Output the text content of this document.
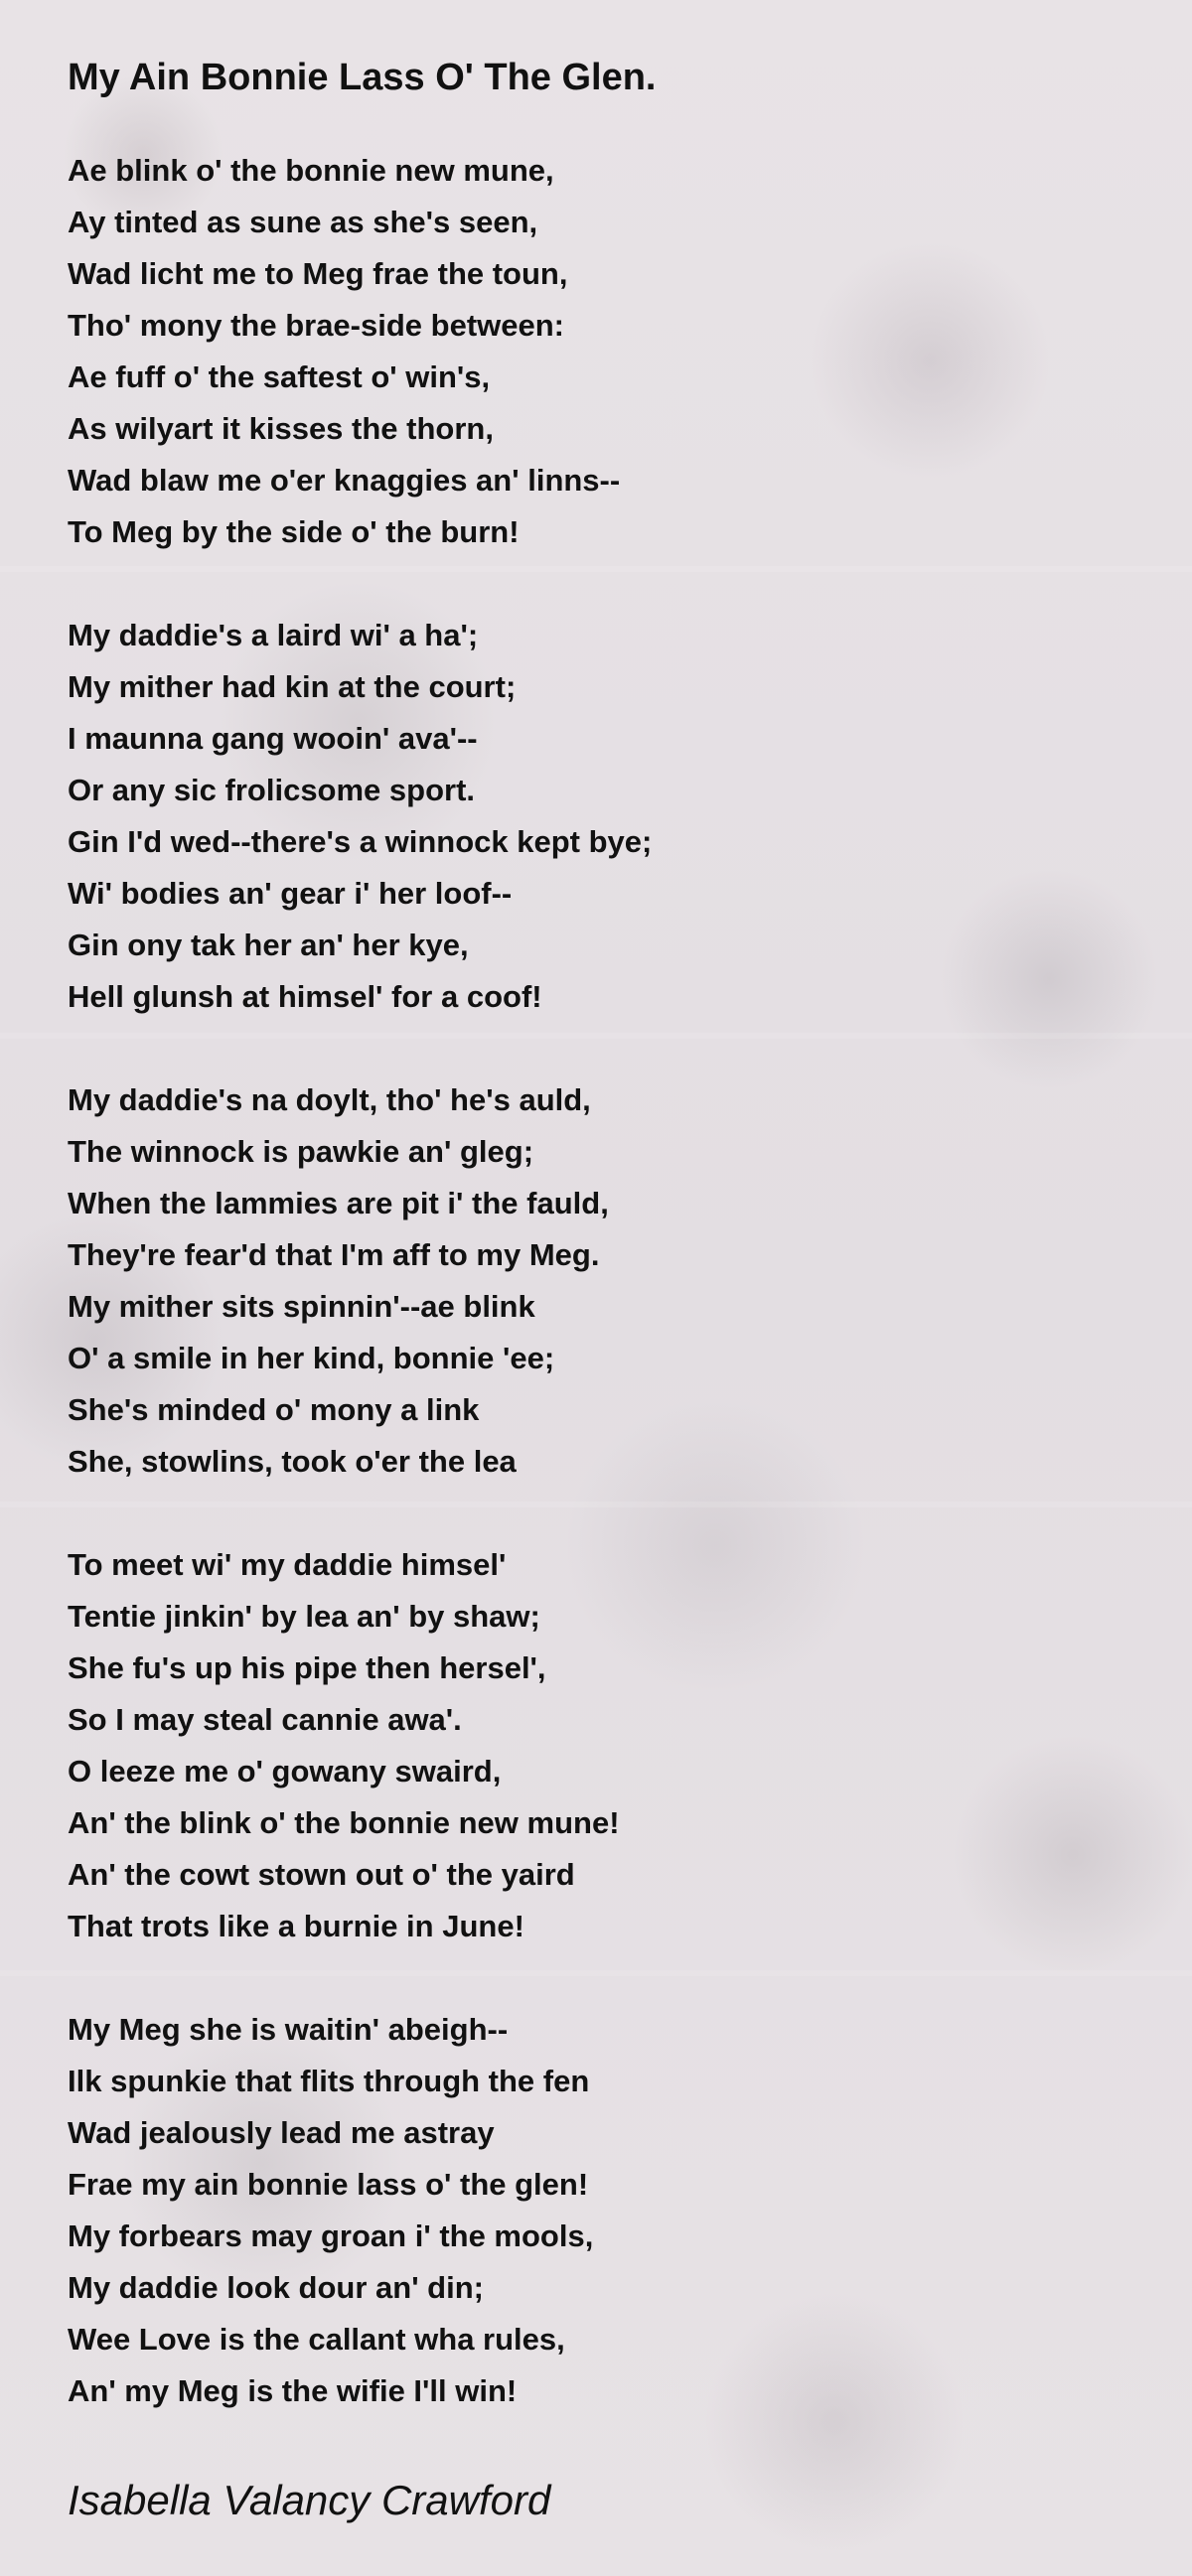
My Ain Bonnie Lass O' The Glen.
Ae blink o' the bonnie new mune,
Ay tinted as sune as she's seen,
Wad licht me to Meg frae the toun,
Tho' mony the brae-side between:
Ae fuff o' the saftest o' win's,
As wilyart it kisses the thorn,
Wad blaw me o'er knaggies an' linns--
To Meg by the side o' the burn!
My daddie's a laird wi' a ha';
My mither had kin at the court;
I maunna gang wooin' ava'--
Or any sic frolicsome sport.
Gin I'd wed--there's a winnock kept bye;
Wi' bodies an' gear i' her loof--
Gin ony tak her an' her kye,
Hell glunsh at himsel' for a coof!
My daddie's na doylt, tho' he's auld,
The winnock is pawkie an' gleg;
When the lammies are pit i' the fauld,
They're fear'd that I'm aff to my Meg.
My mither sits spinnin'--ae blink
O' a smile in her kind, bonnie 'ee;
She's minded o' mony a link
She, stowlins, took o'er the lea
To meet wi' my daddie himsel'
Tentie jinkin' by lea an' by shaw;
She fu's up his pipe then hersel',
So I may steal cannie awa'.
O leeze me o' gowany swaird,
An' the blink o' the bonnie new mune!
An' the cowt stown out o' the yaird
That trots like a burnie in June!
My Meg she is waitin' abeigh--
Ilk spunkie that flits through the fen
Wad jealously lead me astray
Frae my ain bonnie lass o' the glen!
My forbears may groan i' the mools,
My daddie look dour an' din;
Wee Love is the callant wha rules,
An' my Meg is the wifie I'll win!
Isabella Valancy Crawford
